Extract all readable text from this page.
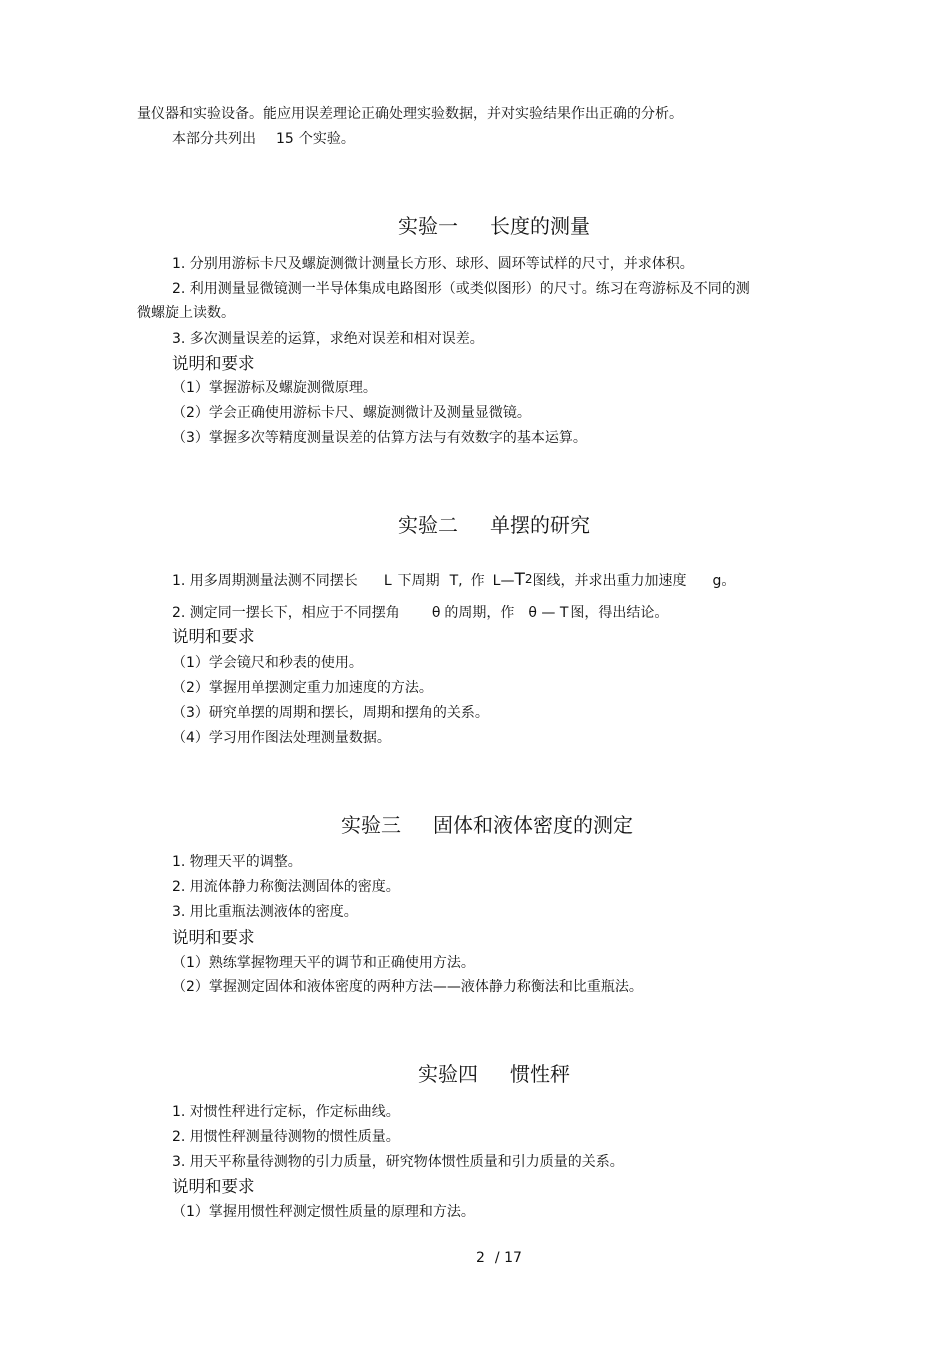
量仪器和实验设备。能应用误差理论正确处理实验数据，并对实验结果作出正确的分析。
本部分共列出 15 个实验。
实验一 长度的测量
1. 分别用游标卡尺及螺旋测微计测量长方形、球形、圆环等试样的尺寸，并求体积。
2. 利用测量显微镜测一半导体集成电路图形（或类似图形）的尺寸。练习在弯游标及不同的测
微螺旋上读数。
3. 多次测量误差的运算，求绝对误差和相对误差。
说明和要求
（1）掌握游标及螺旋测微原理。
（2）学会正确使用游标卡尺、螺旋测微计及测量显微镜。
（3）掌握多次等精度测量误差的估算方法与有效数字的基本运算。
实验二 单摆的研究
1. 用多周期测量法测不同摆长 L 下周期 T, 作 $L—T^2$图线，并求出重力加速度 g。
2. 测定同一摆长下，相应于不同摆角 θ 的周期，作 θ — T 图，得出结论。
说明和要求
（1）学会镜尺和秒表的使用。
（2）掌握用单摆测定重力加速度的方法。
（3）研究单摆的周期和摆长，周期和摆角的关系。
（4）学习用作图法处理测量数据。
实验三 固体和液体密度的测定
1. 物理天平的调整。
2. 用流体静力称衡法测固体的密度。
3. 用比重瓶法测液体的密度。
说明和要求
（1）熟练掌握物理天平的调节和正确使用方法。
（2）掌握测定固体和液体密度的两种方法——液体静力称衡法和比重瓶法。
实验四 惯性秤
1. 对惯性秤进行定标，作定标曲线。
2. 用惯性秤测量待测物的惯性质量。
3. 用天平称量待测物的引力质量，研究物体惯性质量和引力质量的关系。
说明和要求
（1）掌握用惯性秤测定惯性质量的原理和方法。
2 / 17
